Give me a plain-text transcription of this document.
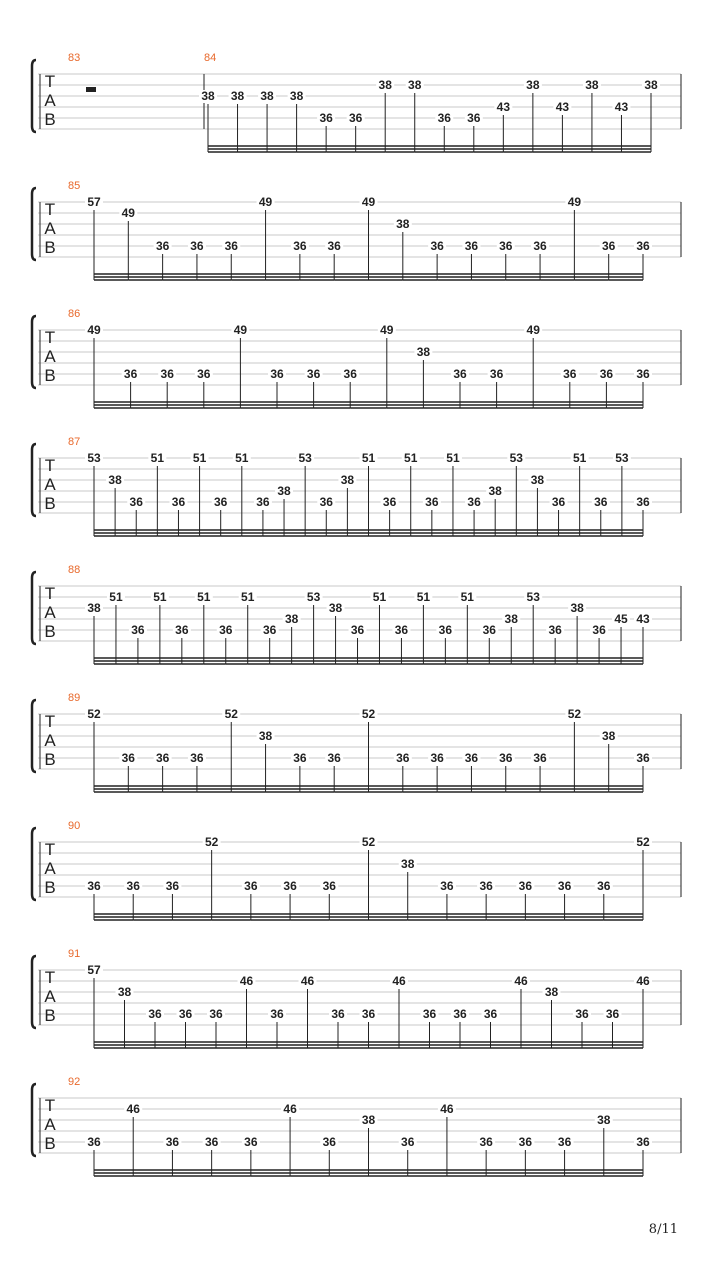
T
A
B
83	84
38 38 38 38
36 36
38 38
36 36
43
38
43
38
43
38
T
A
B
85
57
49
36 36 36
49
36 36
49
38
36 36 36 36
49
36 36
T
A
B
86
49
36 36 36
49
36 36 36
49
38
36 36
49
36 36 36
T
A
B
87
53
38
36
51
36
51
36
51
36
38
53
36
38
51
36
51
36
51
36
38
53
38
36
51
36
53
36
T
A
B
88
38
51
36
51
36
51
36
51
36
38
53
38
36
51
36
51
36
51
36
38
53
36
38
36
45 43
T
A
B
89
52
36 36 36
52
38
36 36
52
36 36 36 36 36
52
38
36
T
A
B
90
36 36 36
52
36 36 36
52
38
36 36 36 36 36
52
T
A
B
91
57
38
36 36 36
46
36
46
36 36
46
36 36 36
46
38
36 36
46
T
A
B
92
36
46
36 36 36
46
36
38
36
46
36 36 36
38
36
8/11
